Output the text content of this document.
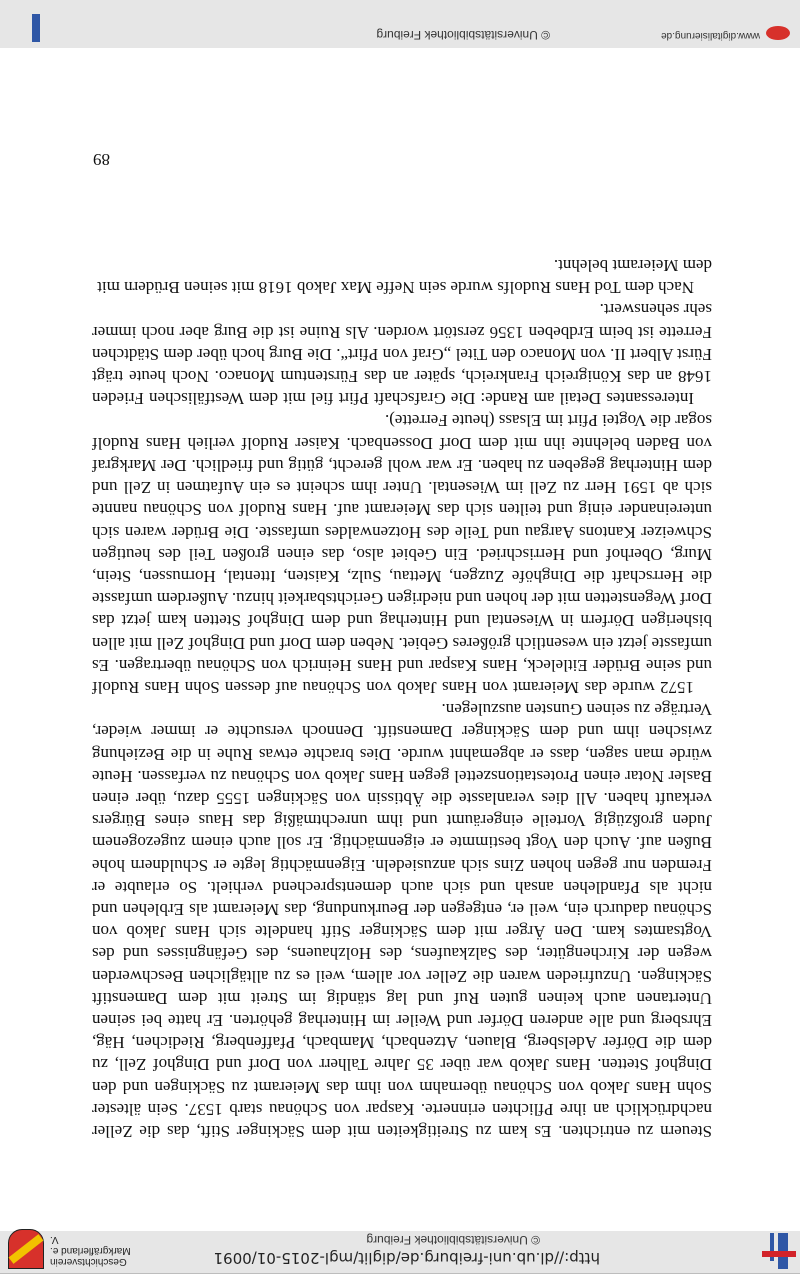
http://dl.ub.uni-freiburg.de/diglit/mgl-2015-01/0091
© Universitätsbibliothek Freiburg
Geschichtsverein
Markgräflerland e. V.

Steuern zu entrichten. Es kam zu Streitigkeiten mit dem Säckinger Stift, das die Zeller nachdrücklich an ihre Pflichten erinnerte. Kaspar von Schönau starb 1537. Sein ältester Sohn Hans Jakob von Schönau übernahm von ihm das Meieramt zu Säckingen und den Dinghof Stetten. Hans Jakob war über 35 Jahre Talherr von Dorf und Dinghof Zell, zu dem die Dörfer Adelsberg, Blauen, Atzenbach, Mambach, Pfaffenberg, Riedichen, Häg, Ehrsberg und alle anderen Dörfer und Weiler im Hinterhag gehörten. Er hatte bei seinen Untertanen auch keinen guten Ruf und lag ständig im Streit mit dem Damenstift Säckingen. Unzufrieden waren die Zeller vor allem, weil es zu alltäglichen Beschwerden wegen der Kirchengüter, des Salzkaufens, des Holzhauens, des Gefängnisses und des Vogtsamtes kam. Den Ärger mit dem Säckinger Stift handelte sich Hans Jakob von Schönau dadurch ein, weil er, entgegen der Beurkundung, das Meieramt als Erblehen und nicht als Pfandlehen ansah und sich auch dementsprechend verhielt. So erlaubte er Fremden nur gegen hohen Zins sich anzusiedeln. Eigenmächtig legte er Schuldnern hohe Bußen auf. Auch den Vogt bestimmte er eigenmächtig. Er soll auch einem zugezogenem Juden großzügig Vorteile eingeräumt und ihm unrechtmäßig das Haus eines Bürgers verkauft haben. All dies veranlasste die Äbtissin von Säckingen 1555 dazu, über einen Basler Notar einen Protestationszettel gegen Hans Jakob von Schönau zu verfassen. Heute würde man sagen, dass er abgemahnt wurde. Dies brachte etwas Ruhe in die Beziehung zwischen ihm und dem Säckinger Damenstift. Dennoch versuchte er immer wieder, Verträge zu seinen Gunsten auszulegen.

1572 wurde das Meieramt von Hans Jakob von Schönau auf dessen Sohn Hans Rudolf und seine Brüder Eitleleck, Hans Kaspar und Hans Heinrich von Schönau übertragen. Es umfasste jetzt ein wesentlich größeres Gebiet. Neben dem Dorf und Dinghof Zell mit allen bisherigen Dörfern in Wiesental und Hinterhag und dem Dinghof Stetten kam jetzt das Dorf Wegenstetten mit der hohen und niedrigen Gerichtsbarkeit hinzu. Außerdem umfasste die Herrschaft die Dinghöfe Zuzgen, Mettau, Sulz, Kaisten, Ittental, Hornussen, Stein, Murg, Oberhof und Herrischried. Ein Gebiet also, das einen großen Teil des heutigen Schweizer Kantons Aargau und Teile des Hotzenwaldes umfasste. Die Brüder waren sich untereinander einig und teilten sich das Meieramt auf. Hans Rudolf von Schönau nannte sich ab 1591 Herr zu Zell im Wiesental. Unter ihm scheint es ein Aufatmen in Zell und dem Hinterhag gegeben zu haben. Er war wohl gerecht, gütig und friedlich. Der Markgraf von Baden belehnte ihn mit dem Dorf Dossenbach. Kaiser Rudolf verlieh Hans Rudolf sogar die Vogtei Pfirt im Elsass (heute Ferrette).

Interessantes Detail am Rande: Die Grafschaft Pfirt fiel mit dem Westfälischen Frieden 1648 an das Königreich Frankreich, später an das Fürstentum Monaco. Noch heute trägt Fürst Albert II. von Monaco den Titel „Graf von Pfirt“. Die Burg hoch über dem Städtchen Ferrette ist beim Erdbeben 1356 zerstört worden. Als Ruine ist die Burg aber noch immer sehr sehenswert.

Nach dem Tod Hans Rudolfs wurde sein Neffe Max Jakob 1618 mit seinen Brüdern mit dem Meieramt belehnt.

89
www.digitalisierung.de
© Universitätsbibliothek Freiburg
